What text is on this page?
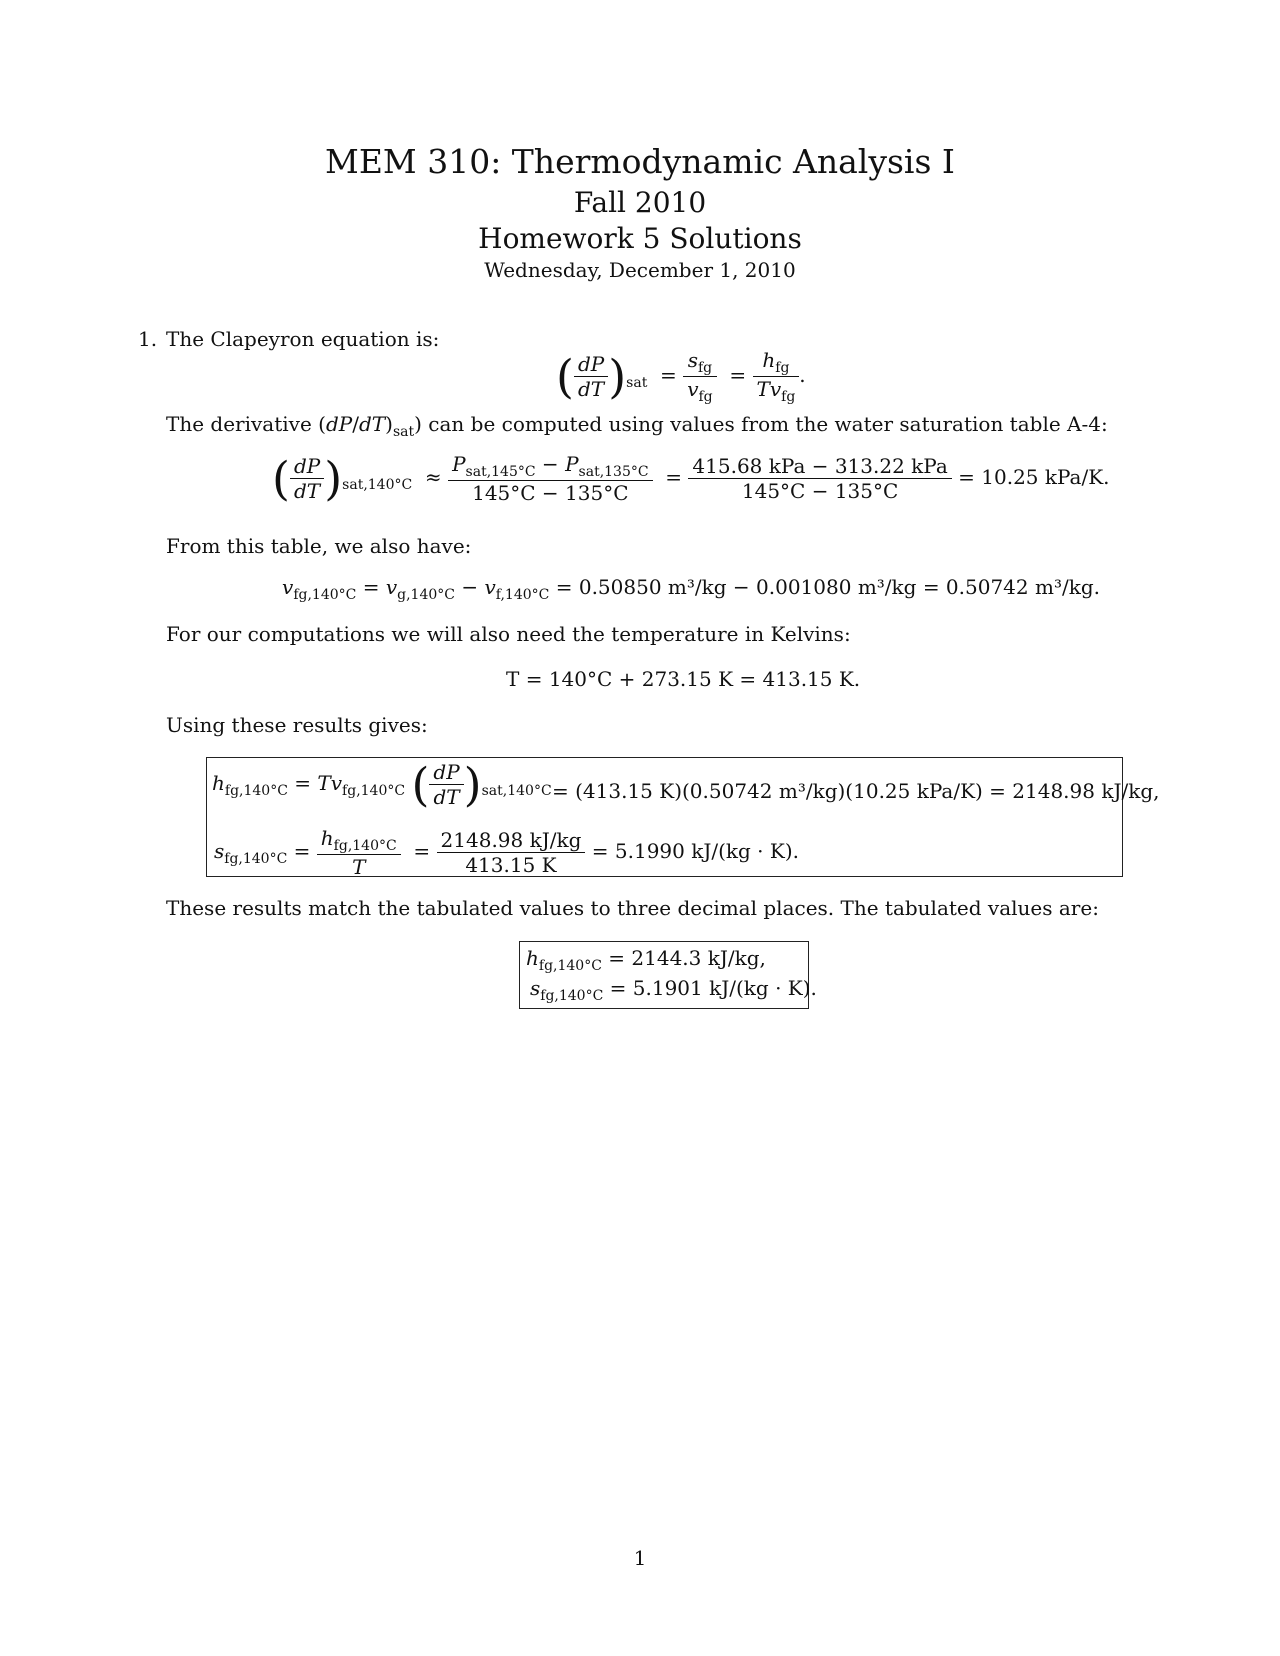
MEM 310: Thermodynamic Analysis I
Fall 2010
Homework 5 Solutions
Wednesday, December 1, 2010
1. The Clapeyron equation is:
( $\frac{dP}{dT} )_{sat} = \frac{s_{fg}}{v_{fg}} = \frac{h_{fg}}{Tv_{fg}}$ .
The derivative $(dP/dT)_{sat}$) can be computed using values from the water saturation table A-4:
( $\frac{dP}{dT} )_{sat,140^\circ C} \approx \frac{P_{sat,145^\circ C} - P_{sat,135^\circ C}}{145^\circ C - 135^\circ C} = \frac{\text{415.68 kPa − 313.22 kPa}}{145^\circ C - 135^\circ C} = 10.25$ kPa/K.
From this table, we also have:
$v_{fg,140^\circ C} = v_{g,140^\circ C} - v_{f,140^\circ C} = 0.50850$ m³/kg − 0.001080 m³/kg = 0.50742 m³/kg.
For our computations we will also need the temperature in Kelvins:
T = 140°C + 273.15 K = 413.15 K.
Using these results gives:
$h_{fg,140^\circ C} = Tv_{fg,140^\circ C}$ ( $\frac{dP}{dT} )_{sat,140^\circ C} = (413.15$ K)(0.50742 m³/kg)(10.25 kPa/K) = 2148.98 kJ/kg,
$s_{fg,140^\circ C} = \frac{h_{fg,140^\circ C}}{T} = \frac{2148.98 kJ/kg}{413.15 K} = 5.1990$ kJ/(kg · K).
These results match the tabulated values to three decimal places. The tabulated values are:
$h_{fg,140^\circ C} = 2144.3$ kJ/kg,
$s_{fg,140^\circ C} = 5.1901$ kJ/(kg · K).
1
